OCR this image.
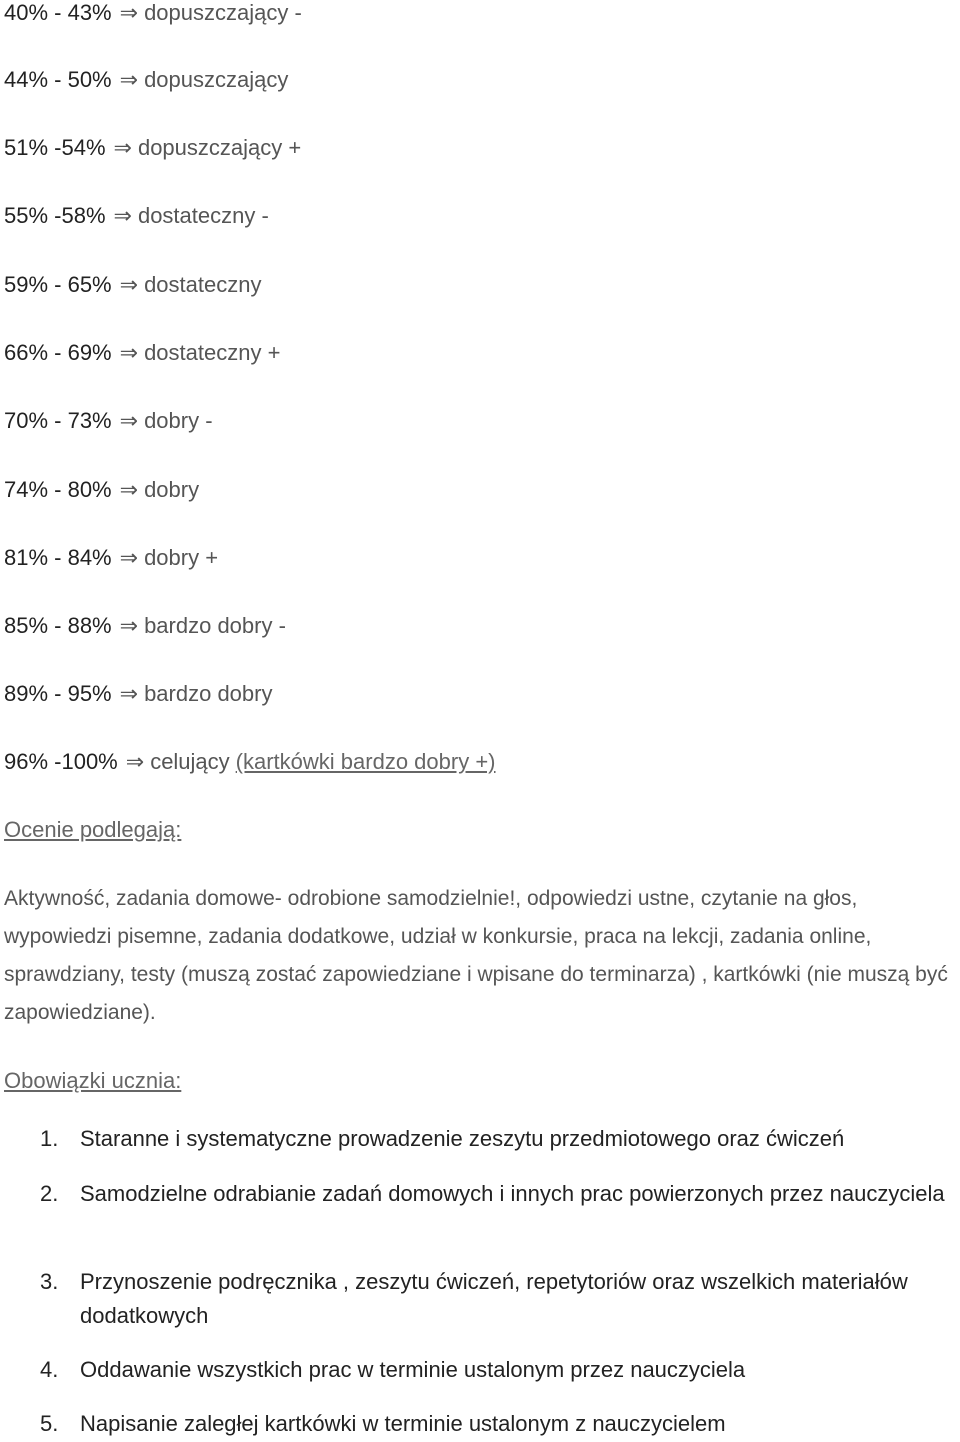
40% - 43% ⇒ dopuszczający -
44% - 50% ⇒ dopuszczający
51% -54% ⇒ dopuszczający +
55% -58% ⇒ dostateczny -
59% - 65% ⇒ dostateczny
66% - 69% ⇒ dostateczny +
70% - 73% ⇒ dobry -
74% - 80% ⇒ dobry
81% - 84% ⇒ dobry +
85% - 88% ⇒ bardzo dobry -
89% - 95% ⇒ bardzo dobry
96% -100% ⇒ celujący (kartkówki bardzo dobry +)
Ocenie podlegają:

Aktywność, zadania domowe- odrobione samodzielnie!, odpowiedzi ustne, czytanie na głos, wypowiedzi pisemne, zadania dodatkowe, udział w konkursie, praca na lekcji, zadania online, sprawdziany, testy (muszą zostać zapowiedziane i wpisane do terminarza) , kartkówki (nie muszą być zapowiedziane).

Obowiązki ucznia:
1. Staranne i systematyczne prowadzenie zeszytu przedmiotowego oraz ćwiczeń
2. Samodzielne odrabianie zadań domowych i innych prac powierzonych przez nauczyciela
3. Przynoszenie podręcznika , zeszytu ćwiczeń, repetytoriów oraz wszelkich materiałów dodatkowych
4. Oddawanie wszystkich prac w terminie ustalonym przez nauczyciela
5. Napisanie zaległej kartkówki w terminie ustalonym z nauczycielem
